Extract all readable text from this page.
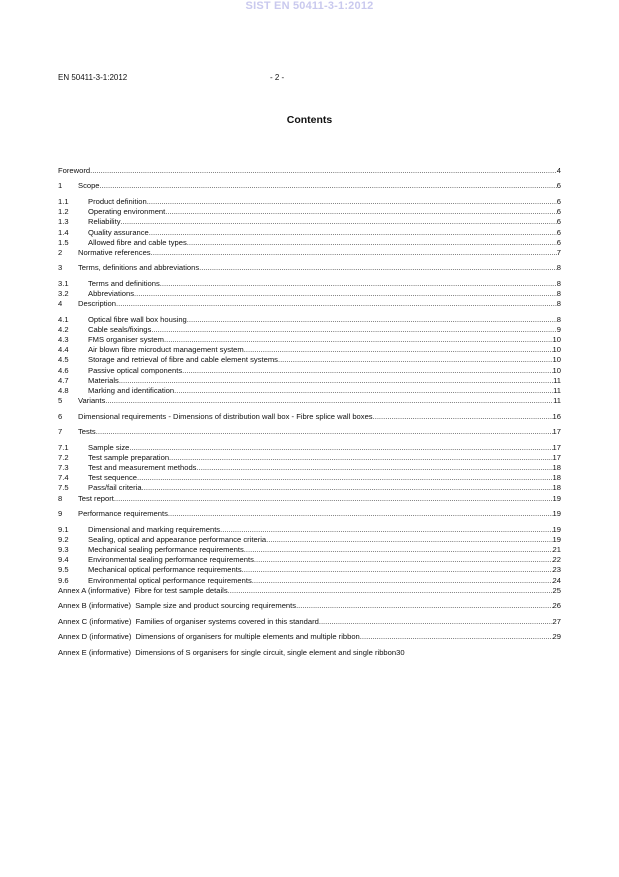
SIST EN 50411-3-1:2012
EN 50411-3-1:2012	- 2 -
Contents
Foreword .....	4
1	Scope .....	6
1.1	Product definition .....	6
1.2	Operating environment .....	6
1.3	Reliability .....	6
1.4	Quality assurance .....	6
1.5	Allowed fibre and cable types .....	6
2	Normative references .....	7
3	Terms, definitions and abbreviations .....	8
3.1	Terms and definitions .....	8
3.2	Abbreviations .....	8
4	Description .....	8
4.1	Optical fibre wall box housing .....	8
4.2	Cable seals/fixings .....	9
4.3	FMS organiser system .....	10
4.4	Air blown fibre microduct management system .....	10
4.5	Storage and retrieval of fibre and cable element systems .....	10
4.6	Passive optical components .....	10
4.7	Materials .....	11
4.8	Marking and identification .....	11
5	Variants .....	11
6	Dimensional requirements - Dimensions of distribution wall box - Fibre splice wall boxes .....	16
7	Tests .....	17
7.1	Sample size .....	17
7.2	Test sample preparation .....	17
7.3	Test and measurement methods .....	18
7.4	Test sequence .....	18
7.5	Pass/fail criteria .....	18
8	Test report .....	19
9	Performance requirements .....	19
9.1	Dimensional and marking requirements .....	19
9.2	Sealing, optical and appearance performance criteria .....	19
9.3	Mechanical sealing performance requirements .....	21
9.4	Environmental sealing performance requirements .....	22
9.5	Mechanical optical performance requirements .....	23
9.6	Environmental optical performance requirements .....	24
Annex A (informative)  Fibre for test sample details .....	25
Annex B (informative)  Sample size and product sourcing requirements .....	26
Annex C (informative)  Families of organiser systems covered in this standard .....	27
Annex D (informative)  Dimensions of organisers for multiple elements and multiple ribbon .....	29
Annex E (informative)  Dimensions of S organisers for single circuit, single element and single ribbon 30
